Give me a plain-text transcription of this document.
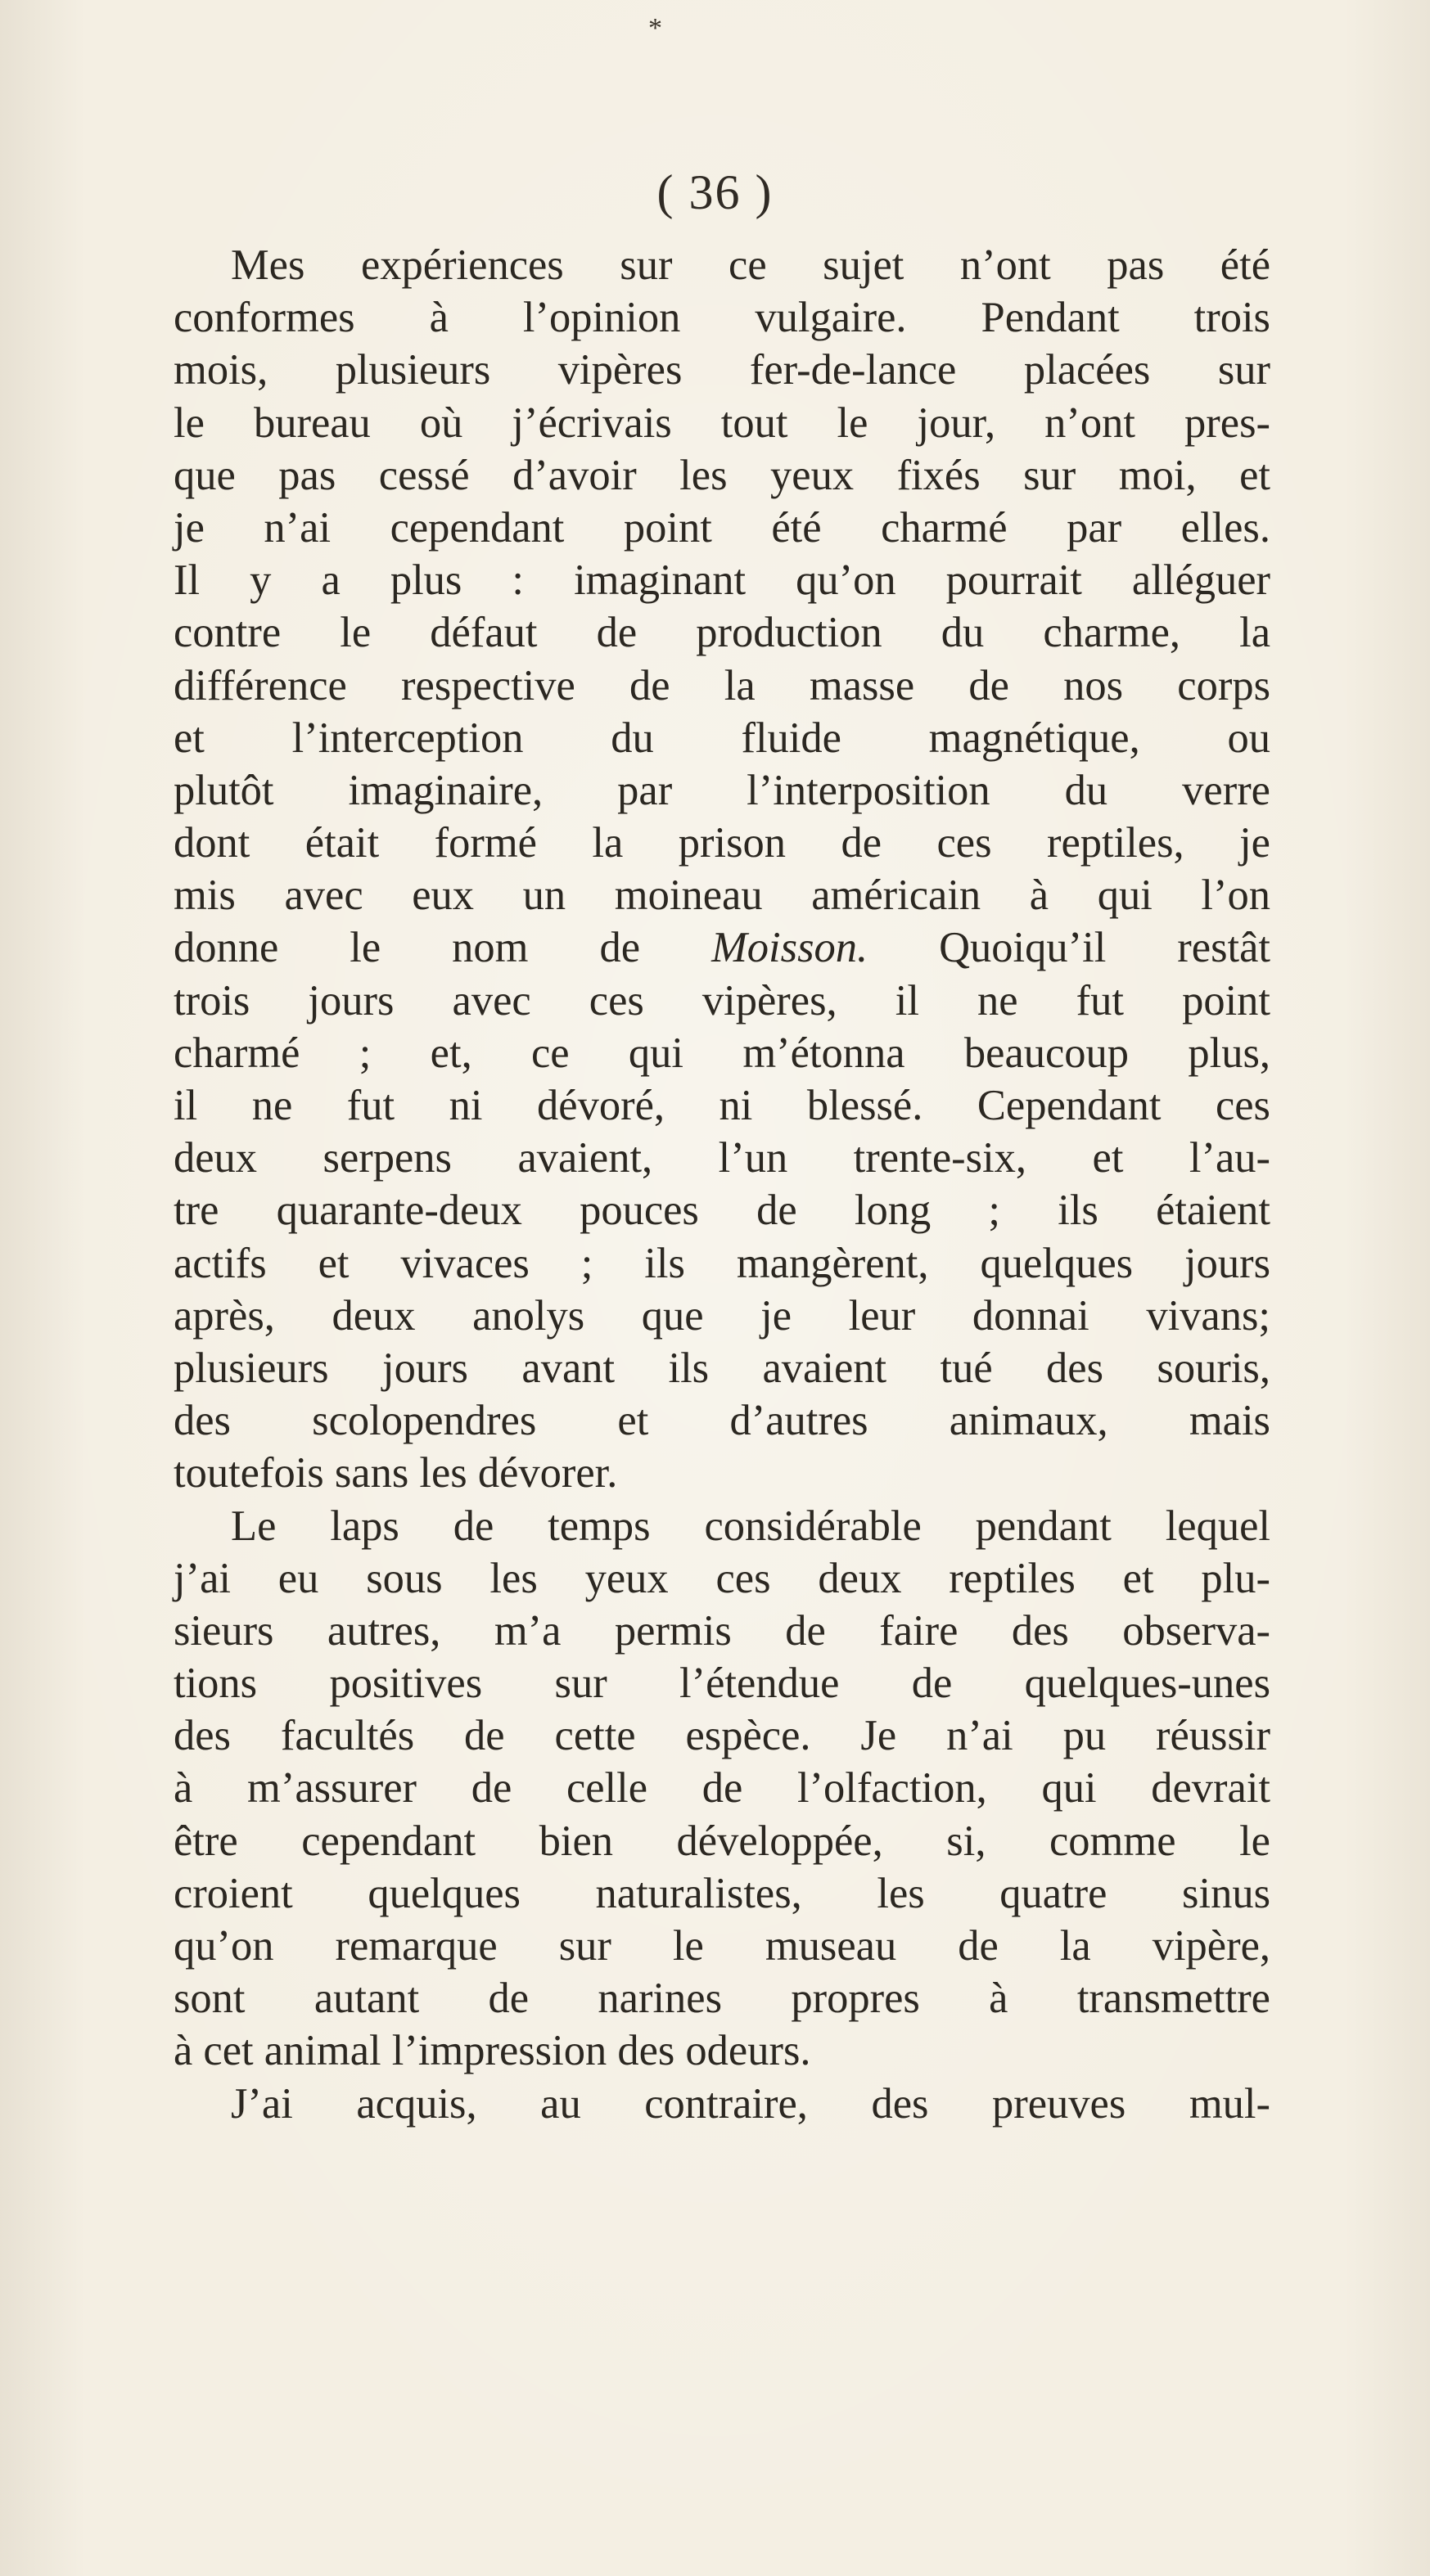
*
( 36 )
Mes expériences sur ce sujet n’ont pas été
conformes à l’opinion vulgaire. Pendant trois
mois, plusieurs vipères fer-de-lance placées sur
le bureau où j’écrivais tout le jour, n’ont pres-
que pas cessé d’avoir les yeux fixés sur moi, et
je n’ai cependant point été charmé par elles.
Il y a plus : imaginant qu’on pourrait alléguer
contre le défaut de production du charme, la
différence respective de la masse de nos corps
et l’interception du fluide magnétique, ou
plutôt imaginaire, par l’interposition du verre
dont était formé la prison de ces reptiles, je
mis avec eux un moineau américain à qui l’on
donne le nom de Moisson. Quoiqu’il restât
trois jours avec ces vipères, il ne fut point
charmé ; et, ce qui m’étonna beaucoup plus,
il ne fut ni dévoré, ni blessé. Cependant ces
deux serpens avaient, l’un trente-six, et l’au-
tre quarante-deux pouces de long ; ils étaient
actifs et vivaces ; ils mangèrent, quelques jours
après, deux anolys que je leur donnai vivans;
plusieurs jours avant ils avaient tué des souris,
des scolopendres et d’autres animaux, mais
toutefois sans les dévorer.
Le laps de temps considérable pendant lequel
j’ai eu sous les yeux ces deux reptiles et plu-
sieurs autres, m’a permis de faire des observa-
tions positives sur l’étendue de quelques-unes
des facultés de cette espèce. Je n’ai pu réussir
à m’assurer de celle de l’olfaction, qui devrait
être cependant bien développée, si, comme le
croient quelques naturalistes, les quatre sinus
qu’on remarque sur le museau de la vipère,
sont autant de narines propres à transmettre
à cet animal l’impression des odeurs.
J’ai acquis, au contraire, des preuves mul-
